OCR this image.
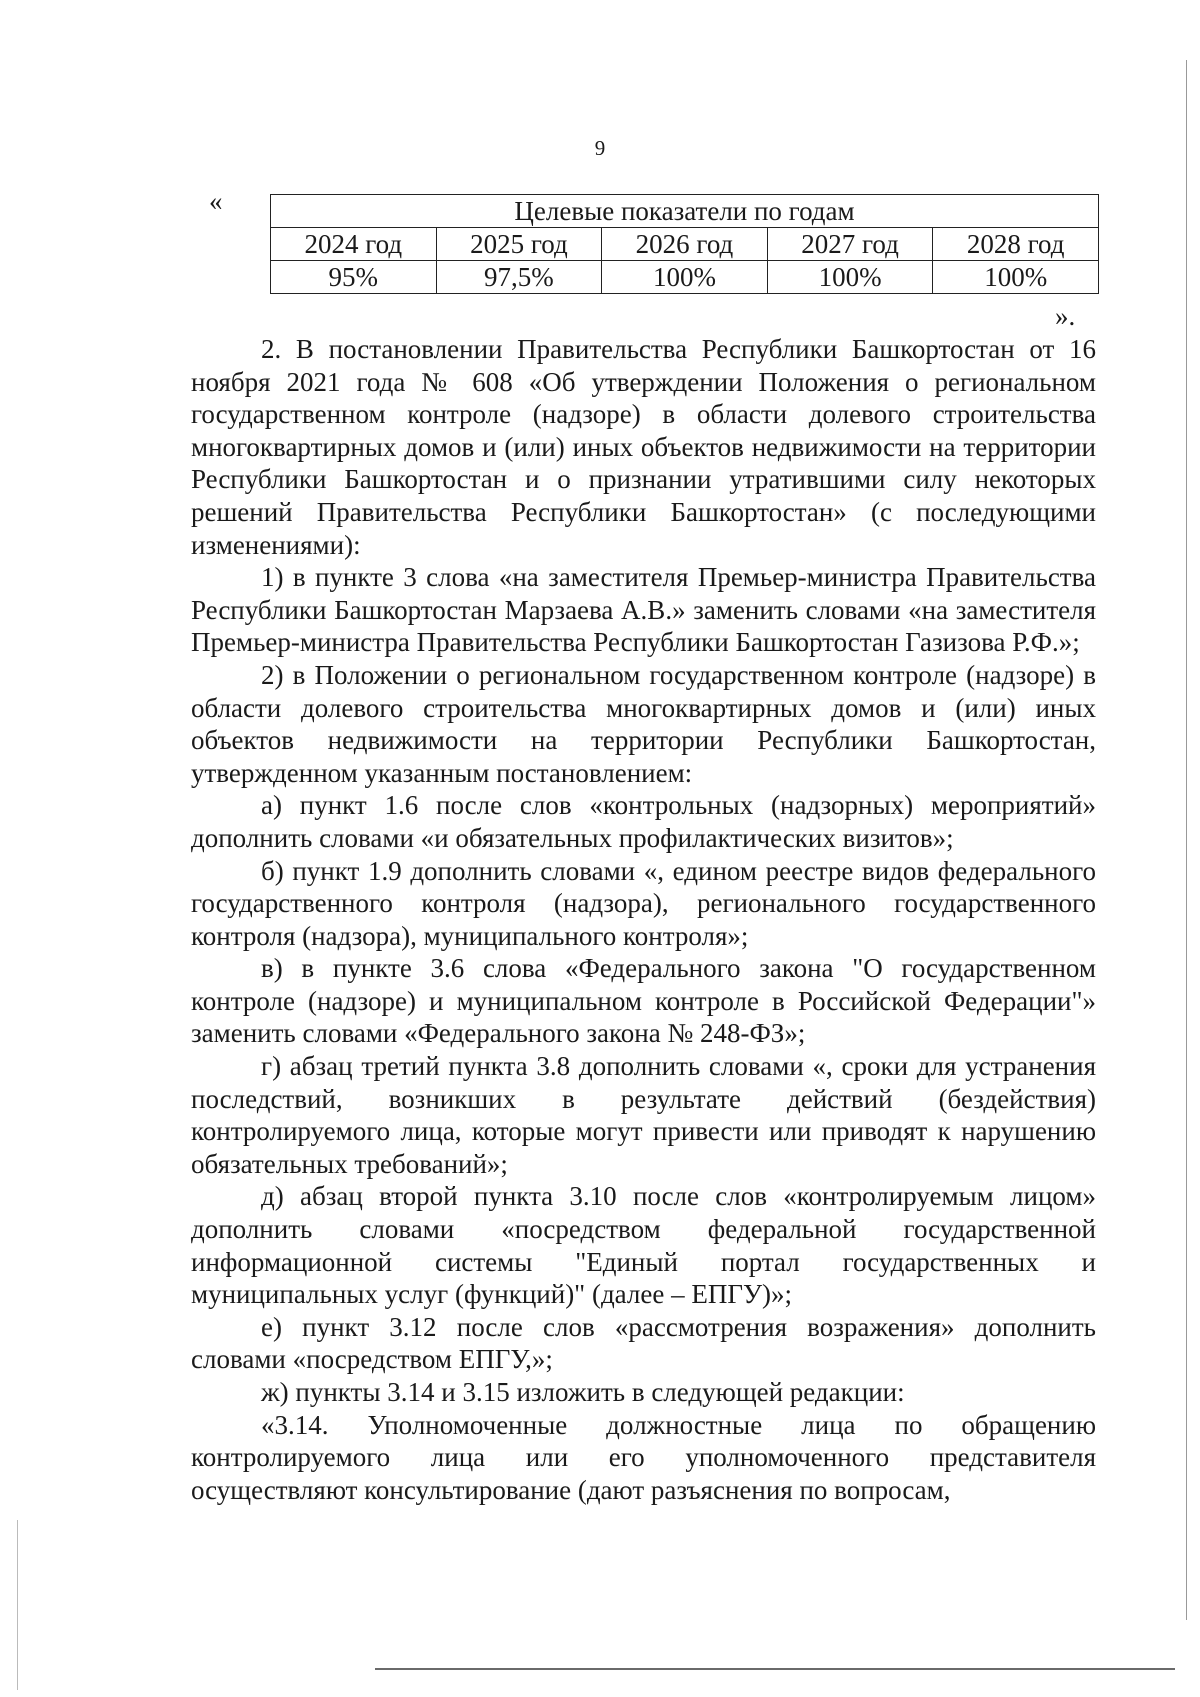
9
«	Целевые показатели по годам				
2024 год	2025 год	2026 год	2027 год	2028 год
95%	97,5%	100%	100%	100%
».

2. В постановлении Правительства Республики Башкортостан от 16 ноября 2021 года № 608 «Об утверждении Положения о региональном государственном контроле (надзоре) в области долевого строительства многоквартирных домов и (или) иных объектов недвижимости на территории Республики Башкортостан и о признании утратившими силу некоторых решений Правительства Республики Башкортостан» (с последующими изменениями):

1) в пункте 3 слова «на заместителя Премьер-министра Правительства Республики Башкортостан Марзаева А.В.» заменить словами «на заместителя Премьер-министра Правительства Республики Башкортостан Газизова Р.Ф.»;

2) в Положении о региональном государственном контроле (надзоре) в области долевого строительства многоквартирных домов и (или) иных объектов недвижимости на территории Республики Башкортостан, утвержденном указанным постановлением:

а) пункт 1.6 после слов «контрольных (надзорных) мероприятий» дополнить словами «и обязательных профилактических визитов»;

б) пункт 1.9 дополнить словами «, едином реестре видов федерального государственного контроля (надзора), регионального государственного контроля (надзора), муниципального контроля»;

в) в пункте 3.6 слова «Федерального закона "О государственном контроле (надзоре) и муниципальном контроле в Российской Федерации"» заменить словами «Федерального закона № 248-ФЗ»;

г) абзац третий пункта 3.8 дополнить словами «, сроки для устранения последствий, возникших в результате действий (бездействия) контролируемого лица, которые могут привести или приводят к нарушению обязательных требований»;

д) абзац второй пункта 3.10 после слов «контролируемым лицом» дополнить словами «посредством федеральной государственной информационной системы "Единый портал государственных и муниципальных услуг (функций)" (далее – ЕПГУ)»;

е) пункт 3.12 после слов «рассмотрения возражения» дополнить словами «посредством ЕПГУ,»;

ж) пункты 3.14 и 3.15 изложить в следующей редакции:

«3.14. Уполномоченные должностные лица по обращению контролируемого лица или его уполномоченного представителя осуществляют консультирование (дают разъяснения по вопросам,
